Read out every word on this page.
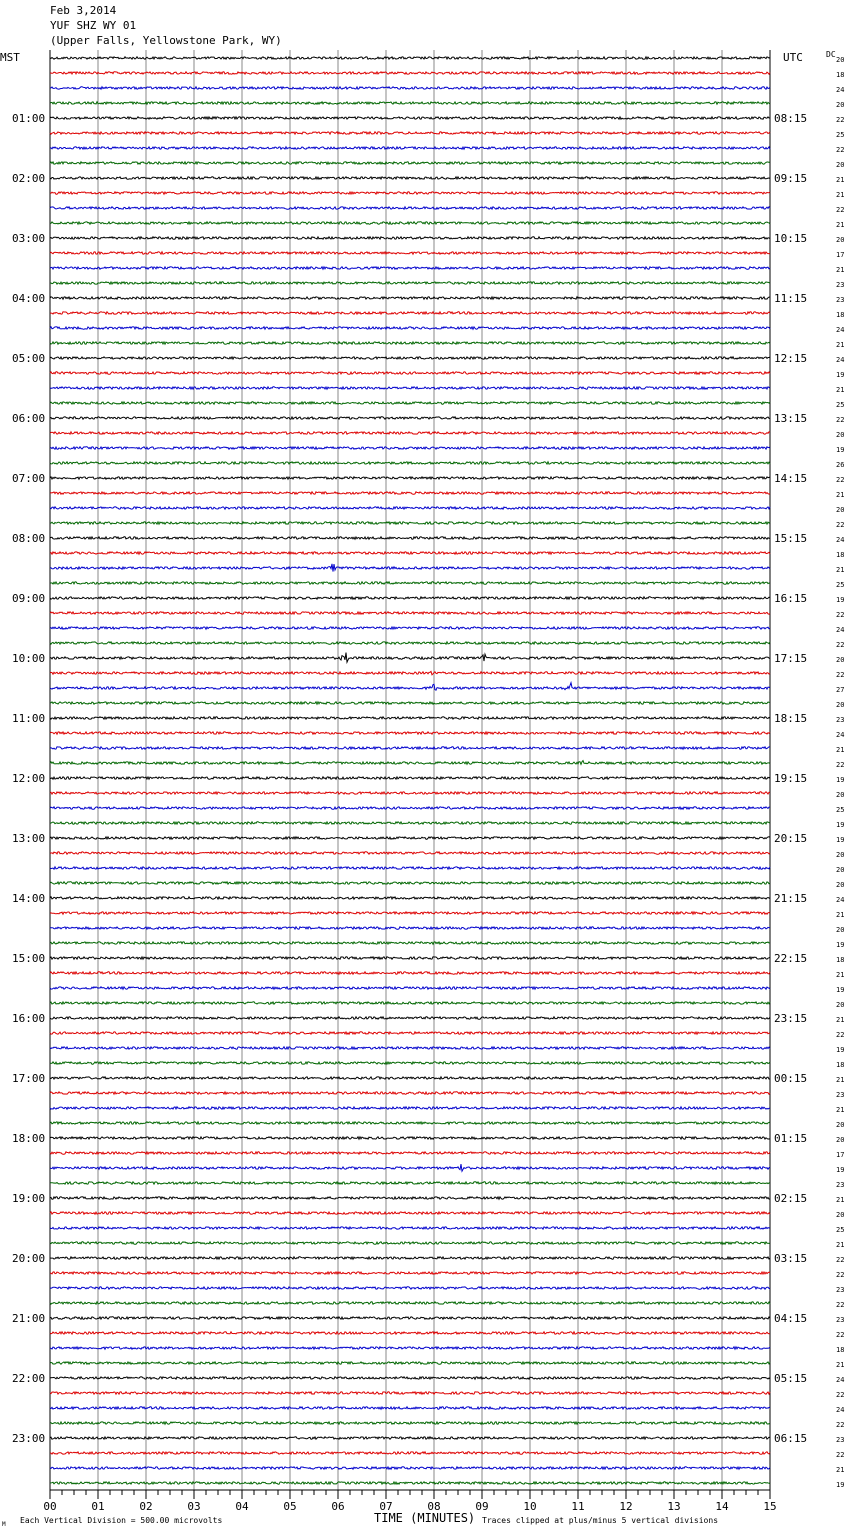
Feb 3,2014
YUF SHZ WY 01
(Upper Falls, Yellowstone Park, WY)
MST	UTC	DC
TIME (MINUTES)
Each Vertical Division = 500.00 microvolts	Traces clipped at plus/minus 5 vertical divisions
M
00	01	02	03	04	05	06	07	08	09	10	11	12	13	14	15
20
18
24
20
22
25
22
20
21
21
22
21
20
17
21
23
23
18
24
21
24
19
21
25
22
20
19
26
22
21
20
22
24
18
21
25
19
22
24
22
20
22
27
20
23
24
21
22
19
20
25
19
19
20
20
20
24
21
20
19
18
21
19
20
21
22
19
18
21
23
21
20
20
17
19
23
21
20
25
21
22
22
23
22
23
22
18
21
24
22
24
22
23
22
21
19
01:00
02:00
03:00
04:00
05:00
06:00
07:00
08:00
09:00
10:00
11:00
12:00
13:00
14:00
15:00
16:00
17:00
18:00
19:00
20:00
21:00
22:00
23:00
08:15
09:15
10:15
11:15
12:15
13:15
14:15
15:15
16:15
17:15
18:15
19:15
20:15
21:15
22:15
23:15
00:15
01:15
02:15
03:15
04:15
05:15
06:15
